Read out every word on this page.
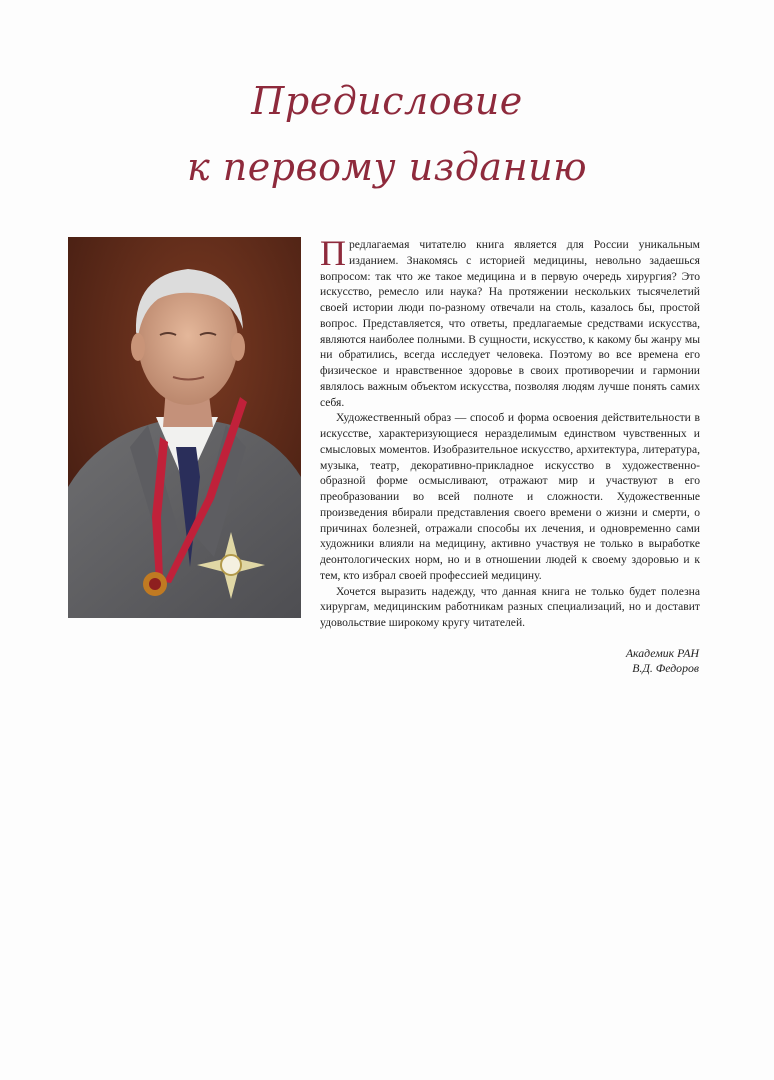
Предисловие
к первому изданию

Предлагаемая читателю книга является для России уникальным изданием. Знакомясь с историей медицины, невольно задаешься вопросом: так что же такое медицина и в первую очередь хирургия? Это искусство, ремесло или наука? На протяжении нескольких тысячелетий своей истории люди по-разному отвечали на столь, казалось бы, простой вопрос. Представляется, что ответы, предлагаемые средствами искусства, являются наиболее полными. В сущности, искусство, к какому бы жанру мы ни обратились, всегда исследует человека. Поэтому во все времена его физическое и нравственное здоровье в своих противоречии и гармонии являлось важным объектом искусства, позволяя людям лучше понять самих себя.

Художественный образ — способ и форма освоения действительности в искусстве, характеризующиеся неразделимым единством чувственных и смысловых моментов. Изобразительное искусство, архитектура, литература, музыка, театр, декоративно-прикладное искусство в художественно-образной форме осмысливают, отражают мир и участвуют в его преобразовании во всей полноте и сложности. Художественные произведения вбирали представления своего времени о жизни и смерти, о причинах болезней, отражали способы их лечения, и одновременно сами художники влияли на медицину, активно участвуя не только в выработке деонтологических норм, но и в отношении людей к своему здоровью и к тем, кто избрал своей профессией медицину.

Хочется выразить надежду, что данная книга не только будет полезна хирургам, медицинским работникам разных специализаций, но и доставит удовольствие широкому кругу читателей.

Академик РАН
В.Д. Федоров
